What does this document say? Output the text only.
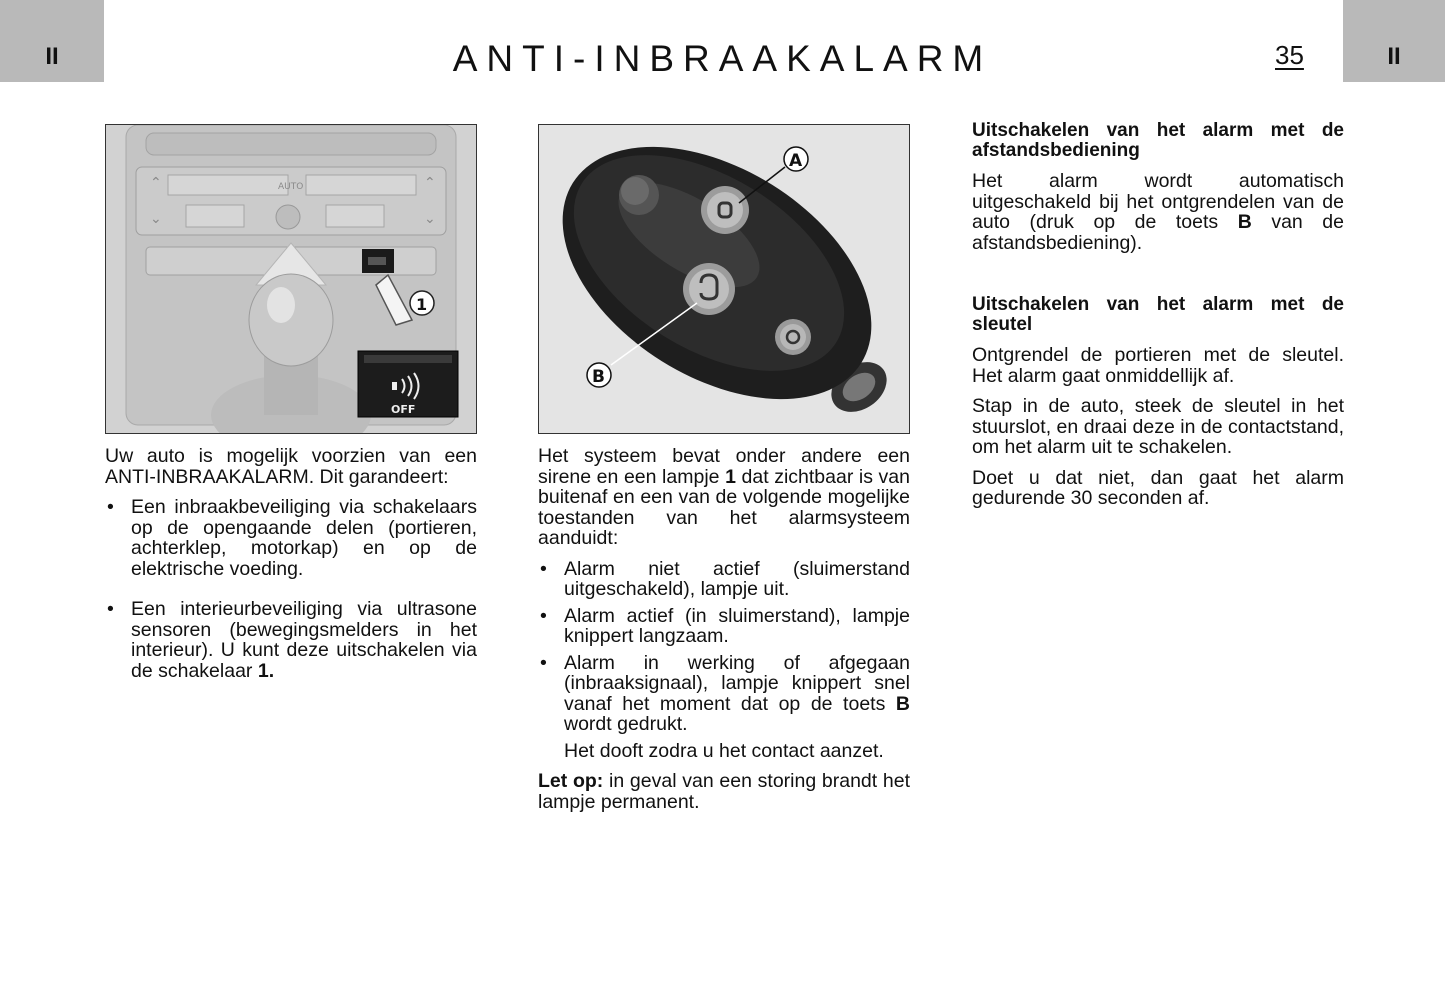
II	II
ANTI-INBRAAKALARM	35
⌃
⌄
⌃
⌄
AUTO
1
OFF
A
B

Uw auto is mogelijk voorzien van een ANTI-INBRAAKALARM. Dit garandeert:

• Een inbraakbeveiliging via schakelaars op de opengaande delen (portieren, achterklep, motorkap) en op de elektrische voeding.
• Een interieurbeveiliging via ultrasone sensoren (bewegingsmelders in het interieur). U kunt deze uitschakelen via de schakelaar 1.

Het systeem bevat onder andere een sirene en een lampje 1 dat zichtbaar is van buitenaf en een van de volgende mogelijke toestanden van het alarmsysteem aanduidt:

• Alarm niet actief (sluimerstand uitgeschakeld), lampje uit.
• Alarm actief (in sluimerstand), lampje knippert langzaam.
• Alarm in werking of afgegaan (inbraaksignaal), lampje knippert snel vanaf het moment dat op de toets B wordt gedrukt.

Het dooft zodra u het contact aanzet.

Let op: in geval van een storing brandt het lampje permanent.

Uitschakelen van het alarm met de afstandsbediening

Het alarm wordt automatisch uitgeschakeld bij het ontgrendelen van de auto (druk op de toets B van de afstandsbediening).

Uitschakelen van het alarm met de sleutel

Ontgrendel de portieren met de sleutel. Het alarm gaat onmiddellijk af.

Stap in de auto, steek de sleutel in het stuurslot, en draai deze in de contactstand, om het alarm uit te schakelen.

Doet u dat niet, dan gaat het alarm gedurende 30 seconden af.
